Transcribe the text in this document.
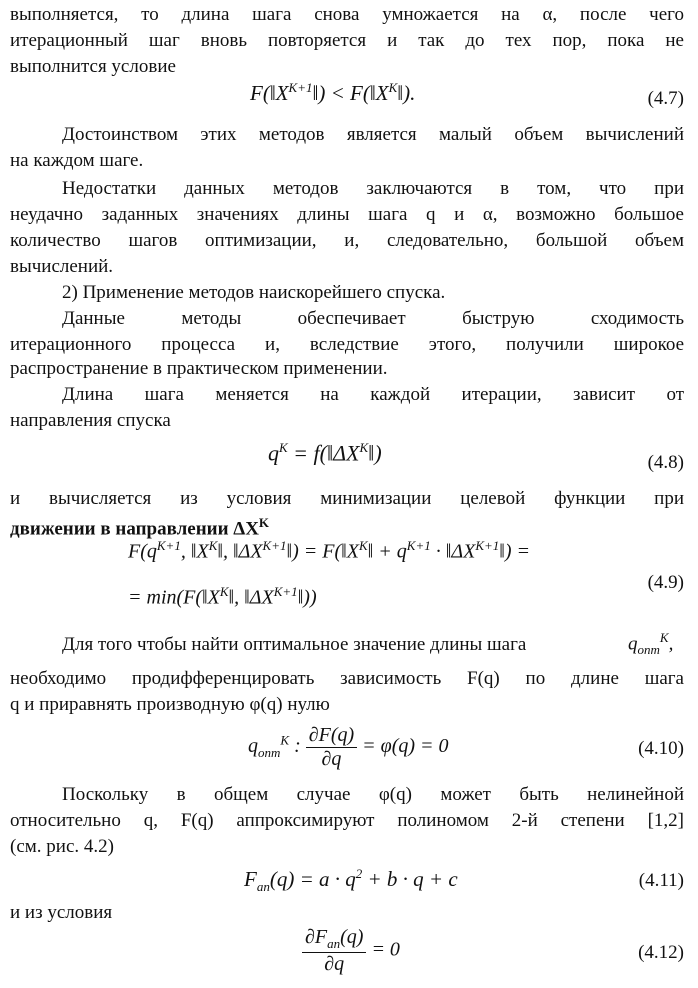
выполняется, то длина шага снова умножается на α, после чего
итерационный шаг вновь повторяется и так до тех пор, пока не
выполнится условие
$F(‖X^{K+1}‖)$ < $F(‖X^K‖)$.	(4.7)
Достоинством этих методов является малый объем вычислений
на каждом шаге.
Недостатки данных методов заключаются в том, что при
неудачно заданных значениях длины шага q и α, возможно большое
количество шагов оптимизации, и, следовательно, большой объем
вычислений.
2) Применение методов наискорейшего спуска.
Данные методы обеспечивает быструю сходимость
итерационного процесса и, вследствие этого, получили широкое
распространение в практическом применении.
Длина шага меняется на каждой итерации, зависит от
направления спуска
$q^K$ = $f(‖\Delta X^K‖)$	(4.8)
и вычисляется из условия минимизации целевой функции при
движении в направлении $\Delta X^K$
$F(q^{K+1}$, $‖X^K‖$, $‖\Delta X^{K+1}‖$) = $F(‖X^K‖ + q^{K+1}$ · $‖\Delta X^{K+1}‖$) =
= $\min(F(‖X^K‖$, $‖\Delta X^{K+1}‖$))
(4.9)
Для того чтобы найти оптимальное значение длины шага	$q_{опт}^K$,
необходимо продифференцировать зависимость F(q) по длине шага
q и приравнять производную φ(q) нулю
$q_{опт}^K$ : $\frac{\partial F(q)}{\partial q} = \varphi(q) = 0$	(4.10)
Поскольку в общем случае φ(q) может быть нелинейной
относительно q, F(q) аппроксимируют полиномом 2-й степени [1,2]
(см. рис. 4.2)
$F_{ап}(q) = a \cdot q^2 + b \cdot q + c$	(4.11)
и из условия
$\frac{\partial F_{ап}(q)}{\partial q} = 0$	(4.12)
